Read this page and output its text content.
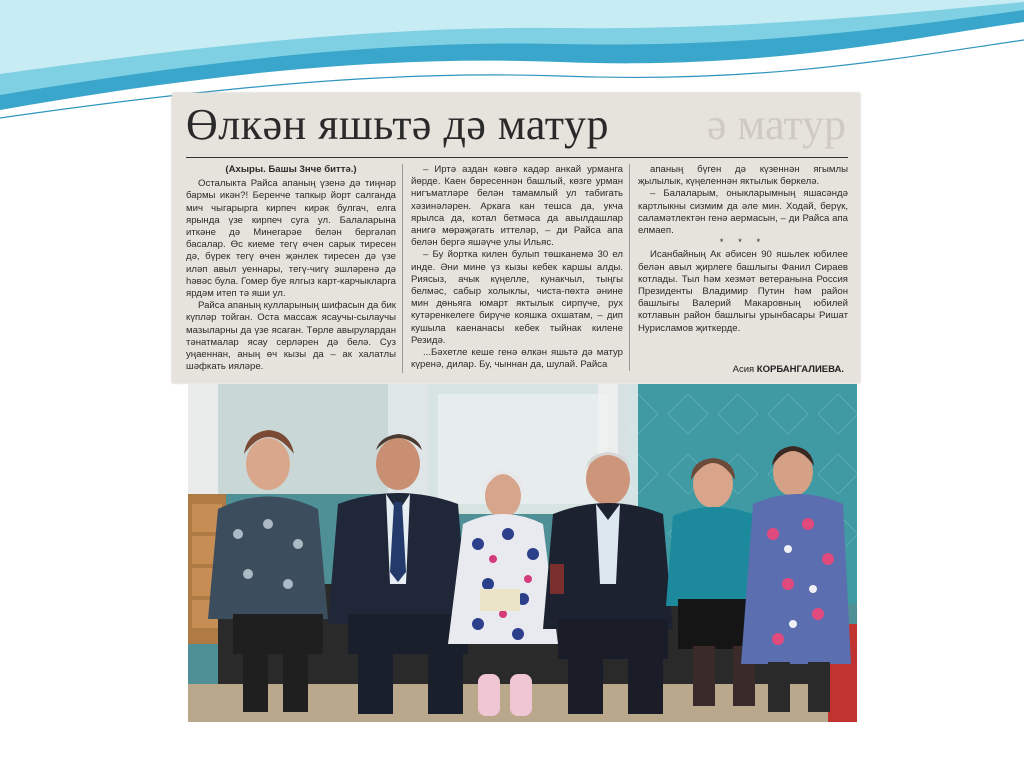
Өлкән яшьтә дә матур	ә матур

(Ахыры. Башы 3нче биттә.)

Осталыкта Райса апаның үзенә дә тиңнәр бармы икән?! Беренче тапкыр йорт салганда мич чыгарырга кирпеч кирәк булгач, елга ярында үзе кирпеч суга ул. Балаларына иткәне дә Минегарәе белән бергәләп басалар. Өс киеме тегү өчен сарык тиресен дә, бүрек тегү өчен җәнлек тиресен дә үзе иләп авыл уеннары, тегү-чигү эшләренә дә һәвәс була. Гомер буе ялгыз карт-карчыкларга ярдәм итеп тә яши ул.

Райса апаның кулларының шифасын да бик күпләр тойган. Оста массаж ясаучы-сылаучы мазыларны да үзе ясаган. Төрле авырулардан тәнатмалар ясау серләрен дә белә. Суз уңаеннан, аның өч кызы да – ак халатлы шәфкать ияләре.

– Иртә аздан кәвгә кадәр анкай урманга йөрде. Каен бөресеннән башлый, көзге урман нигъматләре белән тамамлый ул табигать хәзинәләрен. Аркага кан тешса да, укча ярылса да, котал бетмәса да авылдашлар анигә мөрәҗәгать иттеләр, – ди Райса апа белән бергә яшәүче улы Ильяс.

– Бу йортка килен булып төшканемә 30 ел инде. Әни мине үз кызы кебек каршы алды. Риясыз, ачык күңелле, кунакчыл, тыңгы белмәс, сабыр холыклы, чиста-пөхтә әнине мин дөньяга юмарт яктылык сирпүче, рух кутәренкелеге бирүче кояшка охшатам, – дип кушыла каенанасы кебек тыйнак килене Резидә.

...Бәхетле кеше генә өлкән яшьтә дә матур күренә, дилар. Бу, чыннан да, шулай. Райса

апаның бүген дә күзеннән ягымлы җылылык, күңеленнән яктылык бөркелә.

– Балаларым, оныкларымның яшасәндә картлыкны сизмим да әле мин. Ходай, берүк, саламәтлектән генә аермасын, – ди Райса апа елмаеп.

* * *

Исанбайның Ак әбисен 90 яшьлек юбилее белән авыл җирлеге башлыгы Фанил Сираев котлады. Тыл һәм хезмәт ветеранына Россия Президенты Владимир Путин һәм район башлыгы Валерий Макаровның юбилей котлавын район башлыгы урынбасары Ришат Нурисламов җиткерде.

Асия КОРБАНГАЛИЕВА.
